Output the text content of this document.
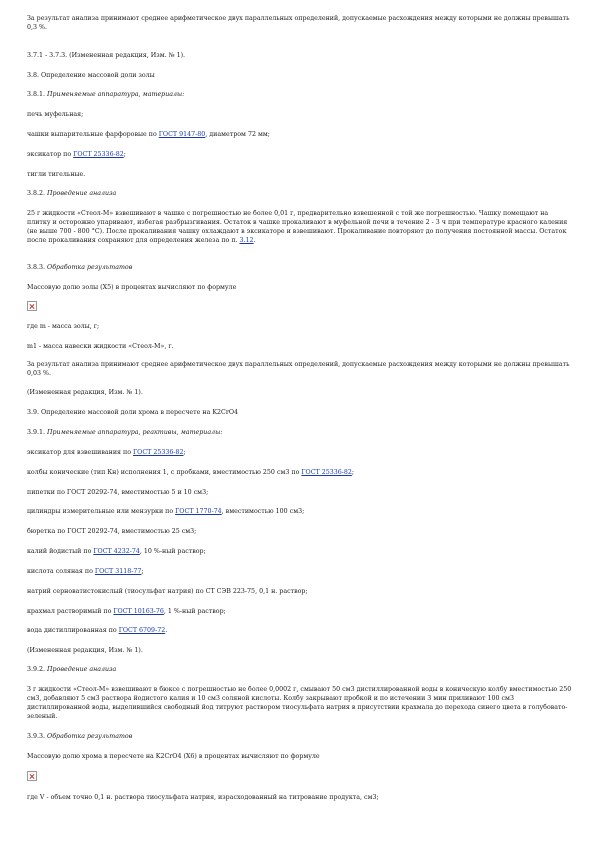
За результат анализа принимают среднее арифметическое двух параллельных определений, допускаемые расхождения между которыми не должны превышать 0,3 %.
3.7.1 - 3.7.3. (Измененная редакция, Изм. № 1).
3.8. Определение массовой доли золы
3.8.1. Применяемые аппаратура, материалы:
печь муфельная;
чашки выпарительные фарфоровые по ГОСТ 9147-80, диаметром 72 мм;
эксикатор по ГОСТ 25336-82;
тигли тигельные.
3.8.2. Проведение анализа
25 г жидкости «Стеол-М» взвешивают в чашке с погрешностью не более 0,01 г, предварительно взвешенной с той же погрешностью. Чашку помещают на плитку и осторожно упаривают, избегая разбрызгивания. Остаток в чашке прокаливают в муфельной печи в течение 2 - 3 ч при температуре красного каления (не выше 700 - 800 °С). После прокаливания чашку охлаждают в эксикаторе и взвешивают. Прокаливание повторяют до получения постоянной массы. Остаток после прокаливания сохраняют для определения железа по п. 3.12.
3.8.3. Обработка результатов
Массовую долю золы (Х5) в процентах вычисляют по формуле
где m - масса золы, г;
m1 - масса навески жидкости «Стеол-М», г.
За результат анализа принимают среднее арифметическое двух параллельных определений, допускаемые расхождения между которыми не должны превышать 0,03 %.
(Измененная редакция, Изм. № 1).
3.9. Определение массовой доли хрома в пересчете на K2CrO4
3.9.1. Применяемые аппаратура, реактивы, материалы:
эксикатор для взвешивания по ГОСТ 25336-82;
колбы конические (тип Кн) исполнения 1, с пробками, вместимостью 250 см3 по ГОСТ 25336-82;
пипетки по ГОСТ 20292-74, вместимостью 5 и 10 см3;
цилиндры измерительные или мензурки по ГОСТ 1770-74, вместимостью 100 см3;
бюретка по ГОСТ 20292-74, вместимостью 25 см3;
калий йодистый по ГОСТ 4232-74, 10 %-ный раствор;
кислота соляная по ГОСТ 3118-77;
натрий серноватистокислый (тиосульфат натрия) по СТ СЭВ 223-75, 0,1 н. раствор;
крахмал растворимый по ГОСТ 10163-76, 1 %-ный раствор;
вода дистиллированная по ГОСТ 6709-72.
(Измененная редакция, Изм. № 1).
3.9.2. Проведение анализа
3 г жидкости «Стеол-М» взвешивают в бюксе с погрешностью не более 0,0002 г, смывают 50 см3 дистиллированной воды в коническую колбу вместимостью 250 см3, добавляют 5 см3 раствора йодистого калия и 10 см3 соляной кислоты. Колбу закрывают пробкой и по истечении 3 мин приливают 100 см3 дистиллированной воды, выделившийся свободный йод титруют раствором тиосульфата натрия в присутствии крахмала до перехода синего цвета в голубовато-зеленый.
3.9.3. Обработка результатов
Массовую долю хрома в пересчете на K2CrO4 (Х6) в процентах вычисляют по формуле
где V - объем точно 0,1 н. раствора тиосульфата натрия, израсходованный на титрование продукта, см3;
